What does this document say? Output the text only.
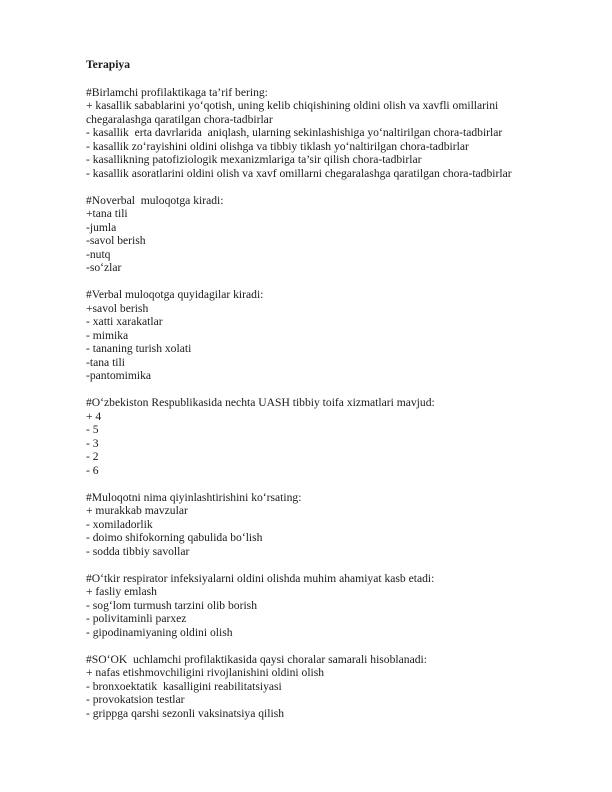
Terapiya
#Birlamchi profilaktikaga ta’rif bering:
+ kasallik sabablarini yo‘qotish, uning kelib chiqishining oldini olish va xavfli omillarini
chegaralashga qaratilgan chora-tadbirlar
- kasallik  erta davrlarida  aniqlash, ularning sekinlashishiga yo‘naltirilgan chora-tadbirlar
- kasallik zo‘rayishini oldini olishga va tibbiy tiklash yo‘naltirilgan chora-tadbirlar
- kasallikning patofiziologik mexanizmlariga ta’sir qilish chora-tadbirlar
- kasallik asoratlarini oldini olish va xavf omillarni chegaralashga qaratilgan chora-tadbirlar
#Noverbal  muloqotga kiradi:
+tana tili
-jumla
-savol berish
-nutq
-so‘zlar
#Verbal muloqotga quyidagilar kiradi:
+savol berish
- xatti xarakatlar
- mimika
- tananing turish xolati
-tana tili
-pantomimika
#O‘zbekiston Respublikasida nechta UASH tibbiy toifa xizmatlari mavjud:
+ 4
- 5
- 3
- 2
- 6
#Muloqotni nima qiyinlashtirishini ko‘rsating:
+ murakkab mavzular
- xomiladorlik
- doimo shifokorning qabulida bo‘lish
- sodda tibbiy savollar
#O‘tkir respirator infeksiyalarni oldini olishda muhim ahamiyat kasb etadi:
+ fasliy emlash
- sog‘lom turmush tarzini olib borish
- polivitaminli parxez
- gipodinamiyaning oldini olish
#SO‘OK  uchlamchi profilaktikasida qaysi choralar samarali hisoblanadi:
+ nafas etishmovchiligini rivojlanishini oldini olish
- bronxoektatik  kasalligini reabilitatsiyasi
- provokatsion testlar
- grippga qarshi sezonli vaksinatsiya qilish
